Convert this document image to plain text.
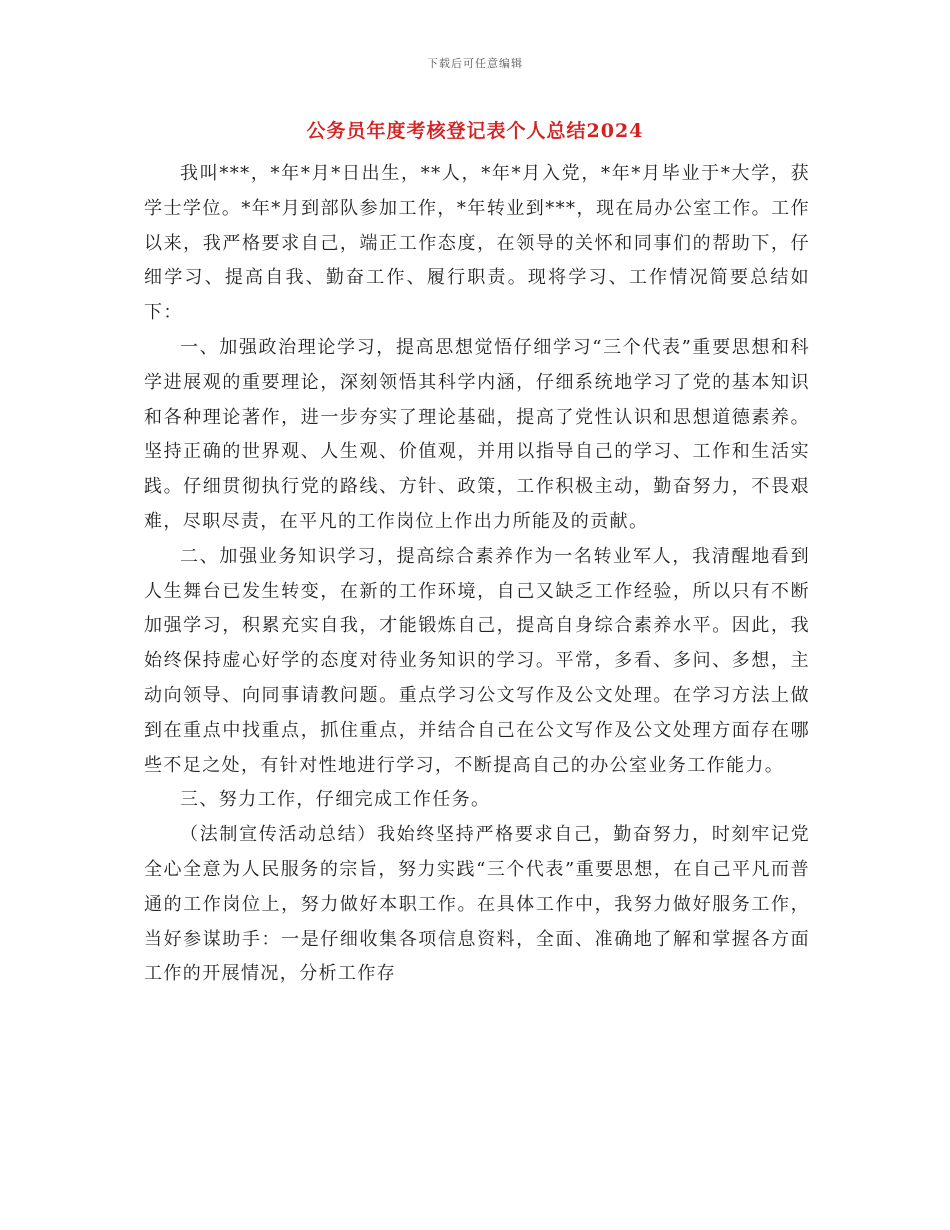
下载后可任意编辑
公务员年度考核登记表个人总结2024

我叫***，*年*月*日出生，**人，*年*月入党，*年*月毕业于*大学，获学士学位。*年*月到部队参加工作，*年转业到***，现在局办公室工作。工作以来，我严格要求自己，端正工作态度，在领导的关怀和同事们的帮助下，仔细学习、提高自我、勤奋工作、履行职责。现将学习、工作情况简要总结如下：

一、加强政治理论学习，提高思想觉悟仔细学习“三个代表”重要思想和科学进展观的重要理论，深刻领悟其科学内涵，仔细系统地学习了党的基本知识和各种理论著作，进一步夯实了理论基础，提高了党性认识和思想道德素养。坚持正确的世界观、人生观、价值观，并用以指导自己的学习、工作和生活实践。仔细贯彻执行党的路线、方针、政策，工作积极主动，勤奋努力，不畏艰难，尽职尽责，在平凡的工作岗位上作出力所能及的贡献。

二、加强业务知识学习，提高综合素养作为一名转业军人，我清醒地看到人生舞台已发生转变，在新的工作环境，自己又缺乏工作经验，所以只有不断加强学习，积累充实自我，才能锻炼自己，提高自身综合素养水平。因此，我始终保持虚心好学的态度对待业务知识的学习。平常，多看、多问、多想，主动向领导、向同事请教问题。重点学习公文写作及公文处理。在学习方法上做到在重点中找重点，抓住重点，并结合自己在公文写作及公文处理方面存在哪些不足之处，有针对性地进行学习，不断提高自己的办公室业务工作能力。

三、努力工作，仔细完成工作任务。

（法制宣传活动总结）我始终坚持严格要求自己，勤奋努力，时刻牢记党全心全意为人民服务的宗旨，努力实践“三个代表”重要思想，在自己平凡而普通的工作岗位上，努力做好本职工作。在具体工作中，我努力做好服务工作，当好参谋助手：一是仔细收集各项信息资料，全面、准确地了解和掌握各方面工作的开展情况，分析工作存
